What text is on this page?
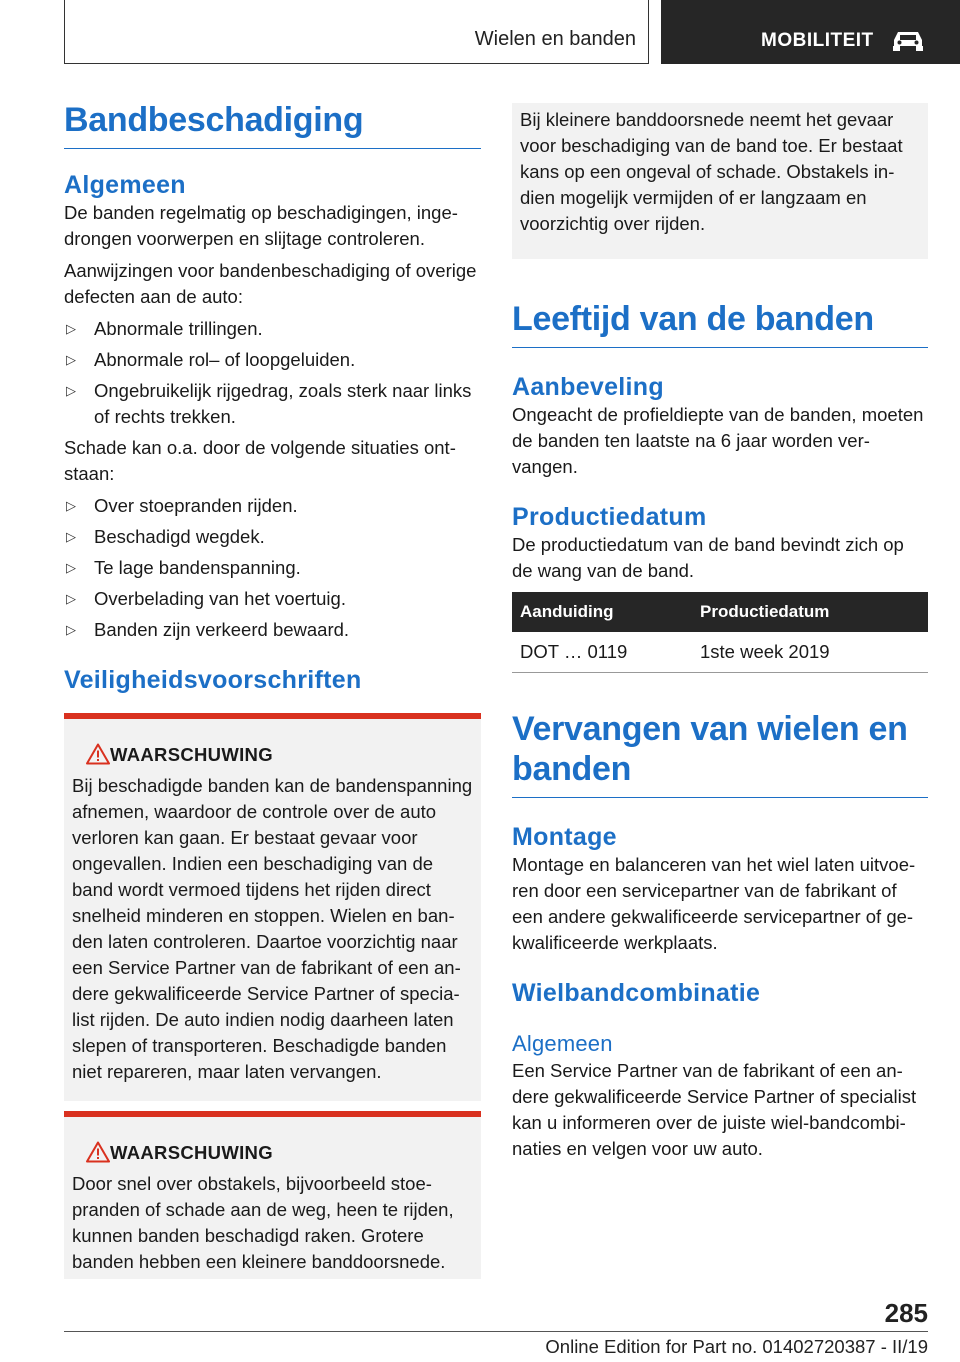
Wielen en banden	MOBILITEIT
Bandbeschadiging
Algemeen

De banden regelmatig op beschadigingen, ingedrongen voorwerpen en slijtage controleren.

Aanwijzingen voor bandenbeschadiging of overige defecten aan de auto:

▷ Abnormale trillingen.
▷ Abnormale rol– of loopgeluiden.
▷ Ongebruikelijk rijgedrag, zoals sterk naar links of rechts trekken.

Schade kan o.a. door de volgende situaties ontstaan:

▷ Over stoepranden rijden.
▷ Beschadigd wegdek.
▷ Te lage bandenspanning.
▷ Overbelading van het voertuig.
▷ Banden zijn verkeerd bewaard.
Veiligheidsvoorschriften
WAARSCHUWING

Bij beschadigde banden kan de bandenspanning afnemen, waardoor de controle over de auto verloren kan gaan. Er bestaat gevaar voor ongevallen. Indien een beschadiging van de band wordt vermoed tijdens het rijden direct snelheid minderen en stoppen. Wielen en banden laten controleren. Daartoe voorzichtig naar een Service Partner van de fabrikant of een andere gekwalificeerde Service Partner of specialist rijden. De auto indien nodig daarheen laten slepen of transporteren. Beschadigde banden niet repareren, maar laten vervangen.

WAARSCHUWING

Door snel over obstakels, bijvoorbeeld stoepranden of schade aan de weg, heen te rijden, kunnen banden beschadigd raken. Grotere banden hebben een kleinere banddoorsnede.

Bij kleinere banddoorsnede neemt het gevaar voor beschadiging van de band toe. Er bestaat kans op een ongeval of schade. Obstakels indien mogelijk vermijden of er langzaam en voorzichtig over rijden.

Leeftijd van de banden
Aanbeveling

Ongeacht de profieldiepte van de banden, moeten de banden ten laatste na 6 jaar worden vervangen.

Productiedatum

De productiedatum van de band bevindt zich op de wang van de band.

Aanduiding	Productiedatum
DOT … 0119	1ste week 2019
Vervangen van wielen en banden
Montage

Montage en balanceren van het wiel laten uitvoeren door een servicepartner van de fabrikant of een andere gekwalificeerde servicepartner of gekwalificeerde werkplaats.

Wielbandcombinatie
Algemeen

Een Service Partner van de fabrikant of een andere gekwalificeerde Service Partner of specialist kan u informeren over de juiste wiel-bandcombinaties en velgen voor uw auto.

285
Online Edition for Part no. 01402720387 - II/19
